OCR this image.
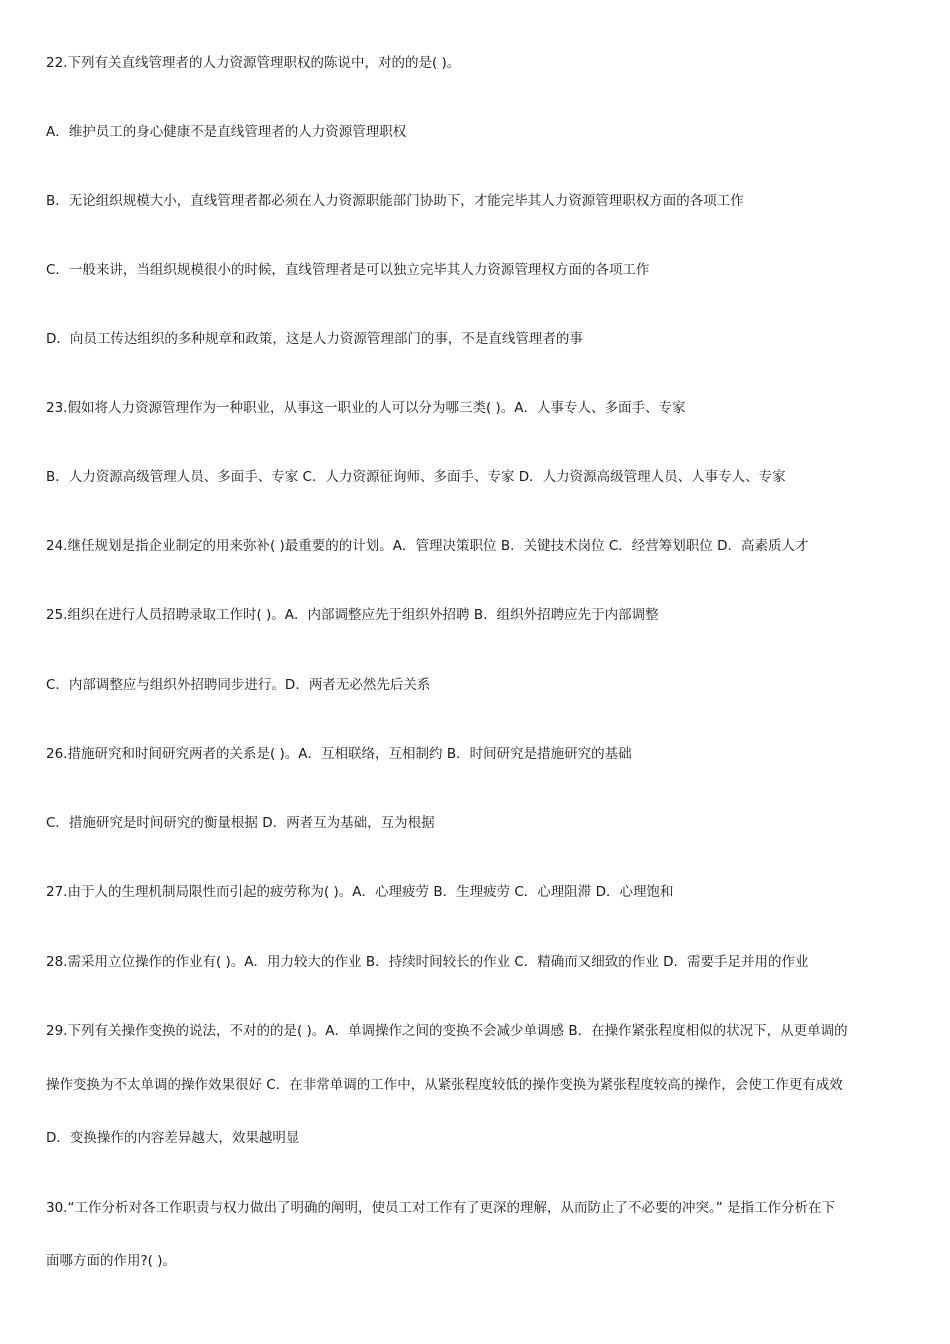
22.下列有关直线管理者的人力资源管理职权的陈说中，对的的是( )。
A．维护员工的身心健康不是直线管理者的人力资源管理职权
B．无论组织规模大小，直线管理者都必须在人力资源职能部门协助下，才能完毕其人力资源管理职权方面的各项工作
C．一般来讲，当组织规模很小的时候，直线管理者是可以独立完毕其人力资源管理权方面的各项工作
D．向员工传达组织的多种规章和政策，这是人力资源管理部门的事，不是直线管理者的事
23.假如将人力资源管理作为一种职业，从事这一职业的人可以分为哪三类( )。A．人事专人、多面手、专家
B．人力资源高级管理人员、多面手、专家 C．人力资源征询师、多面手、专家 D．人力资源高级管理人员、人事专人、专家
24.继任规划是指企业制定的用来弥补( )最重要的的计划。A．管理决策职位 B．关键技术岗位 C．经营筹划职位 D．高素质人才
25.组织在进行人员招聘录取工作时( )。A．内部调整应先于组织外招聘 B．组织外招聘应先于内部调整
C．内部调整应与组织外招聘同步进行。D．两者无必然先后关系
26.措施研究和时间研究两者的关系是( )。A．互相联络，互相制约 B．时间研究是措施研究的基础
C．措施研究是时间研究的衡量根据 D．两者互为基础，互为根据
27.由于人的生理机制局限性而引起的疲劳称为( )。A．心理疲劳 B．生理疲劳 C．心理阻滞 D．心理饱和
28.需采用立位操作的作业有( )。A．用力较大的作业 B．持续时间较长的作业 C．精确而又细致的作业 D．需要手足并用的作业
29.下列有关操作变换的说法，不对的的是( )。A．单调操作之间的变换不会减少单调感 B．在操作紧张程度相似的状况下，从更单调的
操作变换为不太单调的操作效果很好 C．在非常单调的工作中，从紧张程度较低的操作变换为紧张程度较高的操作，会使工作更有成效
D．变换操作的内容差异越大，效果越明显
30.“工作分析对各工作职责与权力做出了明确的阐明，使员工对工作有了更深的理解，从而防止了不必要的冲突。” 是指工作分析在下
面哪方面的作用?( )。
